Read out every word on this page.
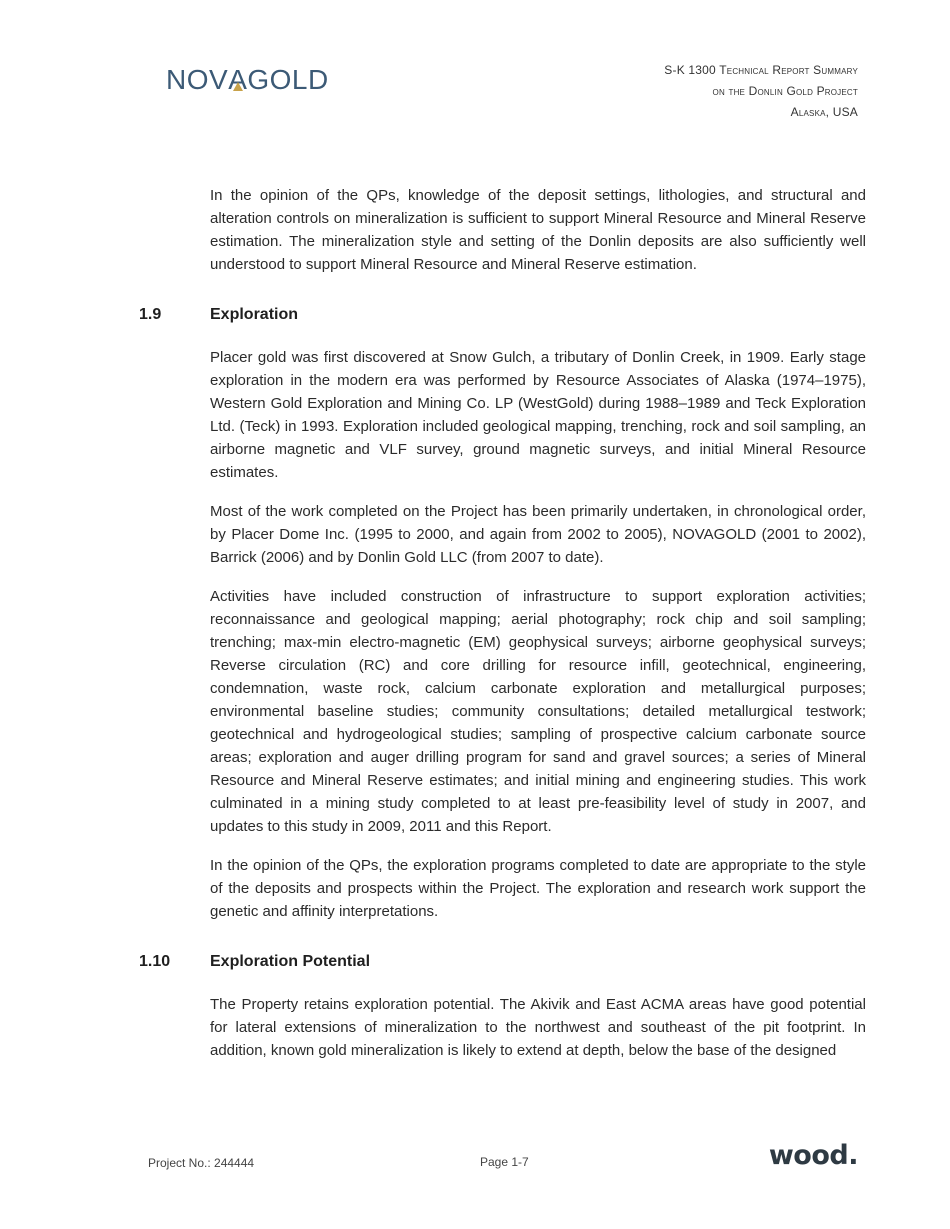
NOV A GOLD	S-K 1300 Technical Report Summary
on the Donlin Gold Project
Alaska, USA

In the opinion of the QPs, knowledge of the deposit settings, lithologies, and structural and alteration controls on mineralization is sufficient to support Mineral Resource and Mineral Reserve estimation. The mineralization style and setting of the Donlin deposits are also sufficiently well understood to support Mineral Resource and Mineral Reserve estimation.

1.9	Exploration

Placer gold was first discovered at Snow Gulch, a tributary of Donlin Creek, in 1909. Early stage exploration in the modern era was performed by Resource Associates of Alaska (1974–1975), Western Gold Exploration and Mining Co. LP (WestGold) during 1988–1989 and Teck Exploration Ltd. (Teck) in 1993. Exploration included geological mapping, trenching, rock and soil sampling, an airborne magnetic and VLF survey, ground magnetic surveys, and initial Mineral Resource estimates.

Most of the work completed on the Project has been primarily undertaken, in chronological order, by Placer Dome Inc. (1995 to 2000, and again from 2002 to 2005), NOVAGOLD (2001 to 2002), Barrick (2006) and by Donlin Gold LLC (from 2007 to date).

Activities have included construction of infrastructure to support exploration activities; reconnaissance and geological mapping; aerial photography; rock chip and soil sampling; trenching; max-min electro-magnetic (EM) geophysical surveys; airborne geophysical surveys; Reverse circulation (RC) and core drilling for resource infill, geotechnical, engineering, condemnation, waste rock, calcium carbonate exploration and metallurgical purposes; environmental baseline studies; community consultations; detailed metallurgical testwork; geotechnical and hydrogeological studies; sampling of prospective calcium carbonate source areas; exploration and auger drilling program for sand and gravel sources; a series of Mineral Resource and Mineral Reserve estimates; and initial mining and engineering studies. This work culminated in a mining study completed to at least pre-feasibility level of study in 2007, and updates to this study in 2009, 2011 and this Report.

In the opinion of the QPs, the exploration programs completed to date are appropriate to the style of the deposits and prospects within the Project. The exploration and research work support the genetic and affinity interpretations.

1.10 Exploration Potential

The Property retains exploration potential. The Akivik and East ACMA areas have good potential for lateral extensions of mineralization to the northwest and southeast of the pit footprint. In addition, known gold mineralization is likely to extend at depth, below the base of the designed

Project No.: 244444	Page 1-7	wood.
